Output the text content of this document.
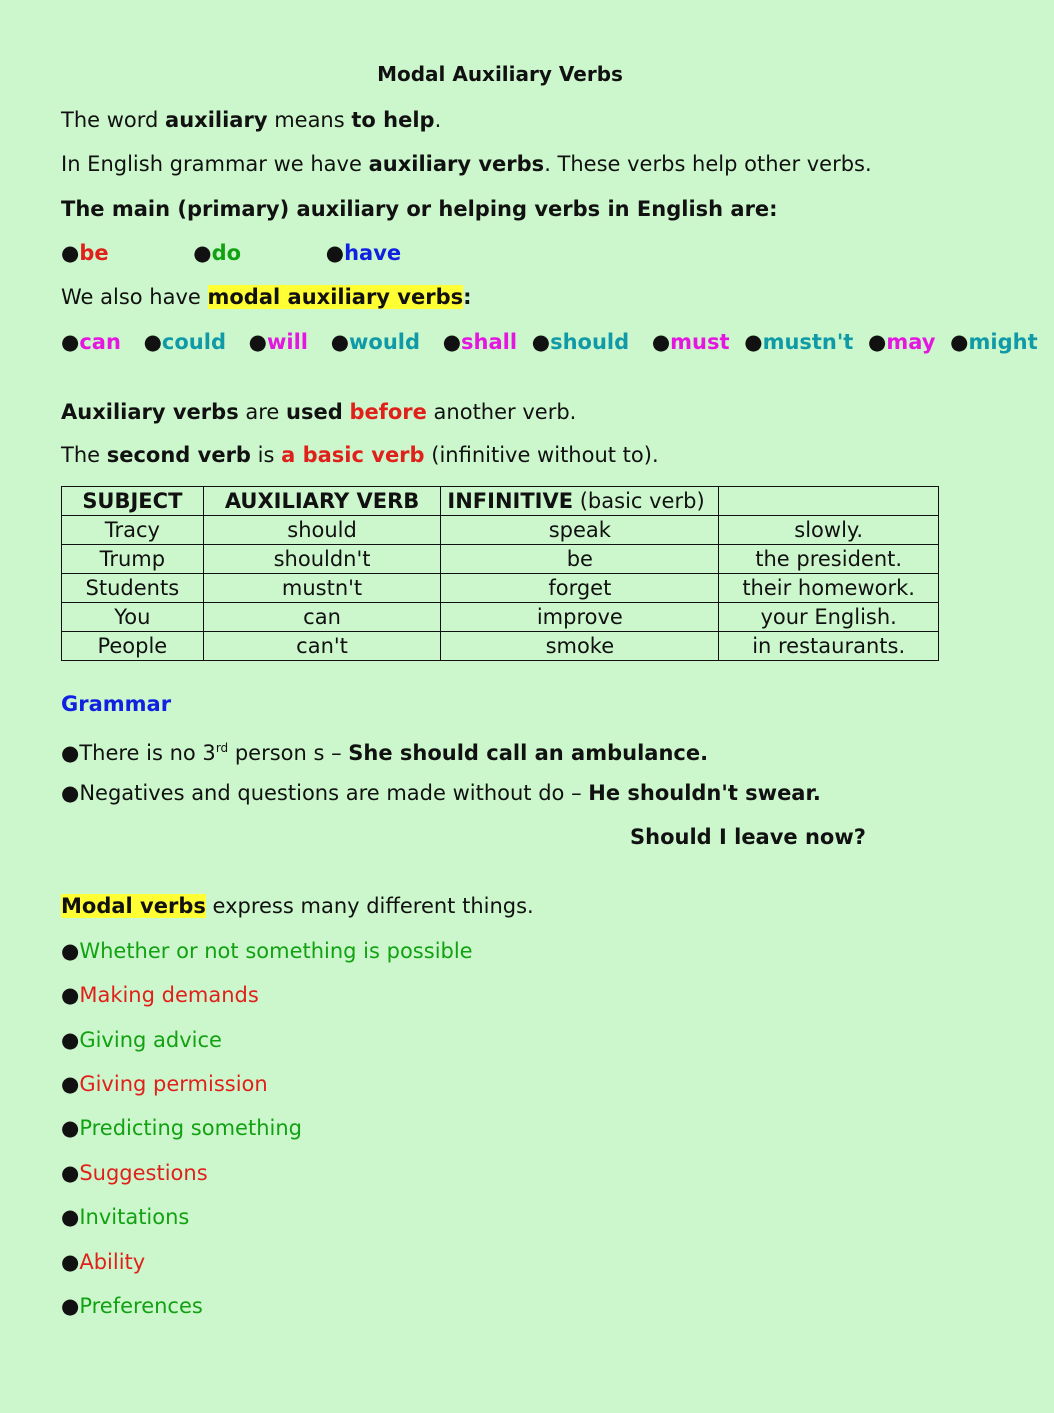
Modal Auxiliary Verbs
The word auxiliary means to help.
In English grammar we have auxiliary verbs. These verbs help other verbs.
The main (primary) auxiliary or helping verbs in English are:
●be	●do	●have
We also have modal auxiliary verbs:
●can ●could ●will ●would ●shall ●should ●must ●mustn't ●may ●might
Auxiliary verbs are used before another verb.
The second verb is a basic verb (infinitive without to).
SUBJECT	AUXILIARY VERB	INFINITIVE (basic verb)	
Tracy	should	speak	slowly.
Trump	shouldn't	be	the president.
Students	mustn't	forget	their homework.
You	can	improve	your English.
People	can't	smoke	in restaurants.
Grammar
●There is no 3rd person s – She should call an ambulance.
●Negatives and questions are made without do – He shouldn't swear.
Should I leave now?
Modal verbs express many different things.
●Whether or not something is possible
●Making demands
●Giving advice
●Giving permission
●Predicting something
●Suggestions
●Invitations
●Ability
●Preferences
